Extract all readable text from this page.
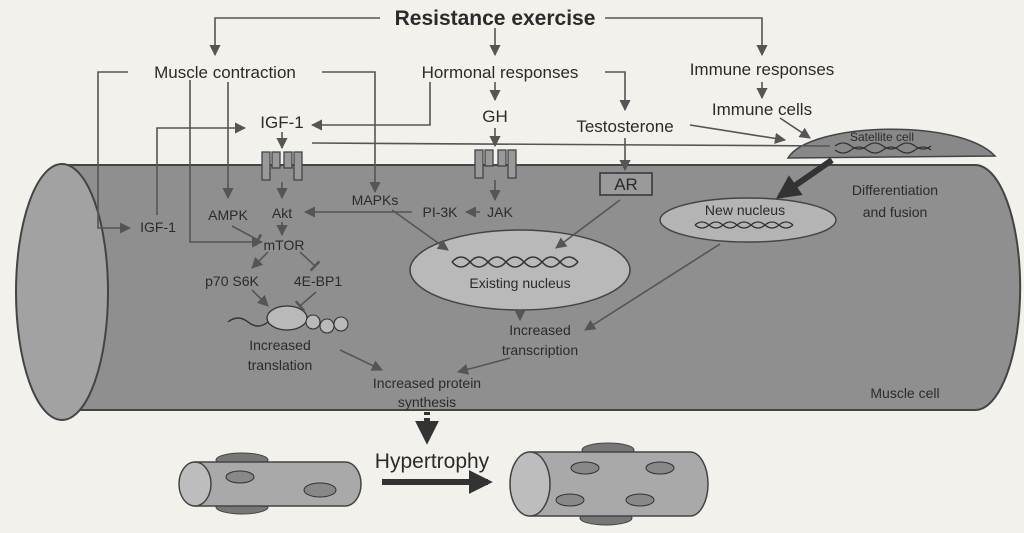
Resistance exercise
Muscle contraction	Hormonal responses	Immune responses
Immune cells
Testosterone
GH
IGF-1
IGF-1
AMPK Akt
mTOR
p70 S6K	4E-BP1
MAPKs
PI-3K JAK
AR
Existing nucleus
New nucleus
Satellite cell
Differentiation
and fusion
Increased
translation
Increased
transcription
Increased protein
synthesis
Muscle cell
Hypertrophy
